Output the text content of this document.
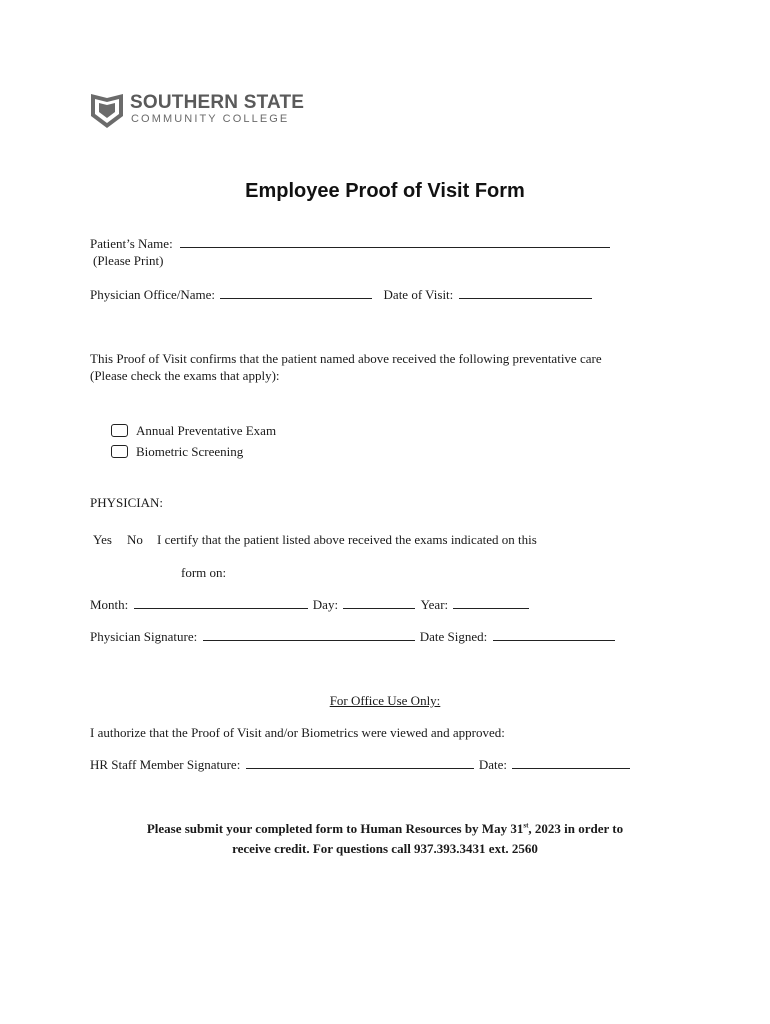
SOUTHERN STATE
COMMUNITY COLLEGE
Employee Proof of Visit Form
Patient’s Name:
(Please Print)
Physician Office/Name:	Date of Visit:
This Proof of Visit confirms that the patient named above received the following preventative care
(Please check the exams that apply):
Annual Preventative Exam
Biometric Screening
PHYSICIAN:
Yes No I certify that the patient listed above received the exams indicated on this
form on:
Month:	Day:	Year:
Physician Signature:	Date Signed:
For Office Use Only:
I authorize that the Proof of Visit and/or Biometrics were viewed and approved:
HR Staff Member Signature:	Date:
Please submit your completed form to Human Resources by May 31st, 2023 in order to
receive credit. For questions call 937.393.3431 ext. 2560
